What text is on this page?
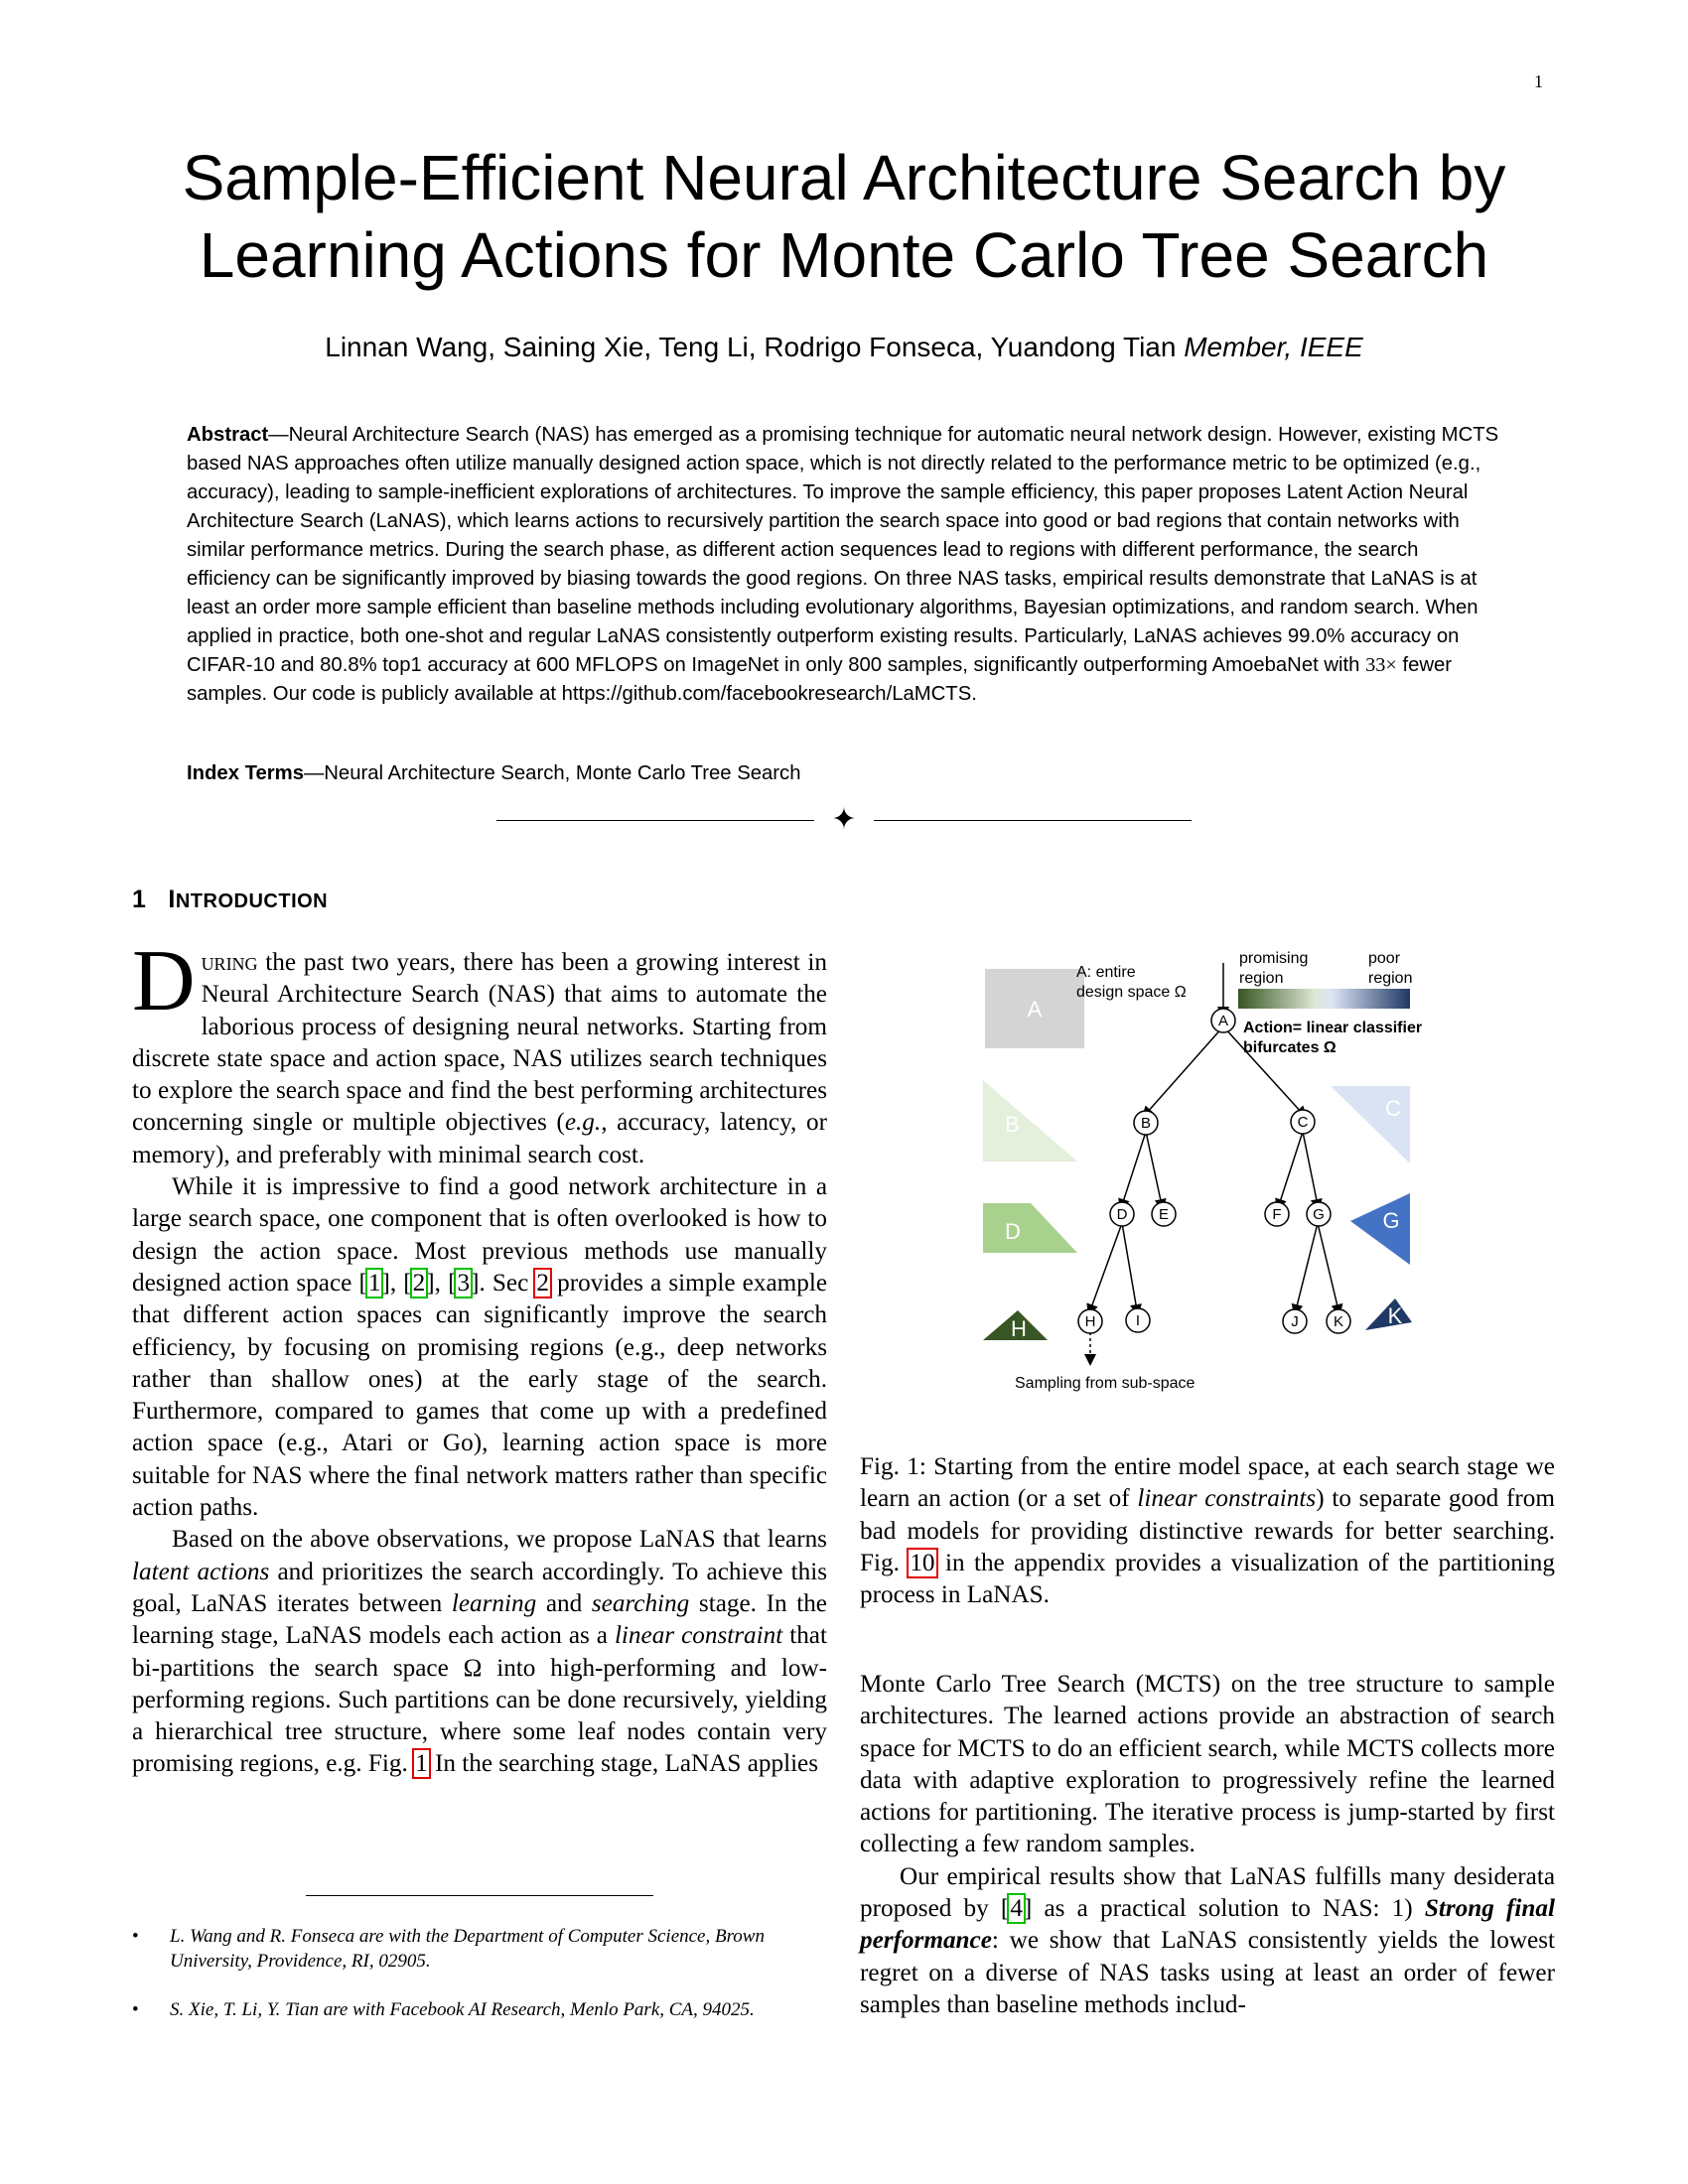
1
Sample-Efficient Neural Architecture Search by
Learning Actions for Monte Carlo Tree Search
Linnan Wang, Saining Xie, Teng Li, Rodrigo Fonseca, Yuandong Tian Member, IEEE

Abstract—Neural Architecture Search (NAS) has emerged as a promising technique for automatic neural network design. However, existing MCTS based NAS approaches often utilize manually designed action space, which is not directly related to the performance metric to be optimized (e.g., accuracy), leading to sample-inefficient explorations of architectures. To improve the sample efficiency, this paper proposes Latent Action Neural Architecture Search (LaNAS), which learns actions to recursively partition the search space into good or bad regions that contain networks with similar performance metrics. During the search phase, as different action sequences lead to regions with different performance, the search efficiency can be significantly improved by biasing towards the good regions. On three NAS tasks, empirical results demonstrate that LaNAS is at least an order more sample efficient than baseline methods including evolutionary algorithms, Bayesian optimizations, and random search. When applied in practice, both one-shot and regular LaNAS consistently outperform existing results. Particularly, LaNAS achieves 99.0% accuracy on CIFAR-10 and 80.8% top1 accuracy at 600 MFLOPS on ImageNet in only 800 samples, significantly outperforming AmoebaNet with 33× fewer samples. Our code is publicly available at https://github.com/facebookresearch/LaMCTS.

Index Terms—Neural Architecture Search, Monte Carlo Tree Search

✦
1 INTRODUCTION

During the past two years, there has been a growing interest in Neural Architecture Search (NAS) that aims to automate the laborious process of designing neural networks. Starting from discrete state space and action space, NAS utilizes search techniques to explore the search space and find the best performing architectures concerning single or multiple objectives (e.g., accuracy, latency, or memory), and preferably with minimal search cost.

While it is impressive to find a good network architecture in a large search space, one component that is often overlooked is how to design the action space. Most previous methods use manually designed action space [1], [2], [3]. Sec 2 provides a simple example that different action spaces can significantly improve the search efficiency, by focusing on promising regions (e.g., deep networks rather than shallow ones) at the early stage of the search. Furthermore, compared to games that come up with a predefined action space (e.g., Atari or Go), learning action space is more suitable for NAS where the final network matters rather than specific action paths.

Based on the above observations, we propose LaNAS that learns latent actions and prioritizes the search accordingly. To achieve this goal, LaNAS iterates between learning and searching stage. In the learning stage, LaNAS models each action as a linear constraint that bi-partitions the search space Ω into high-performing and low-performing regions. Such partitions can be done recursively, yielding a hierarchical tree structure, where some leaf nodes contain very promising regions, e.g. Fig. 1 In the searching stage, LaNAS applies

• L. Wang and R. Fonseca are with the Department of Computer Science, Brown University, Providence, RI, 02905.
• S. Xie, T. Li, Y. Tian are with Facebook AI Research, Menlo Park, CA, 94025.
A
B
D
H
C
G
K
A: entire
design space Ω
promising
region
poor
region
Action= linear classifier
bifurcates Ω
A
B	C
D E	F G
H	I	J K
Sampling from sub-space

Fig. 1: Starting from the entire model space, at each search stage we learn an action (or a set of linear constraints) to separate good from bad models for providing distinctive rewards for better searching. Fig. 10 in the appendix provides a visualization of the partitioning process in LaNAS.

Monte Carlo Tree Search (MCTS) on the tree structure to sample architectures. The learned actions provide an abstraction of search space for MCTS to do an efficient search, while MCTS collects more data with adaptive exploration to progressively refine the learned actions for partitioning. The iterative process is jump-started by first collecting a few random samples.

Our empirical results show that LaNAS fulfills many desiderata proposed by [4] as a practical solution to NAS: 1) Strong final performance: we show that LaNAS consistently yields the lowest regret on a diverse of NAS tasks using at least an order of fewer samples than baseline methods includ-
